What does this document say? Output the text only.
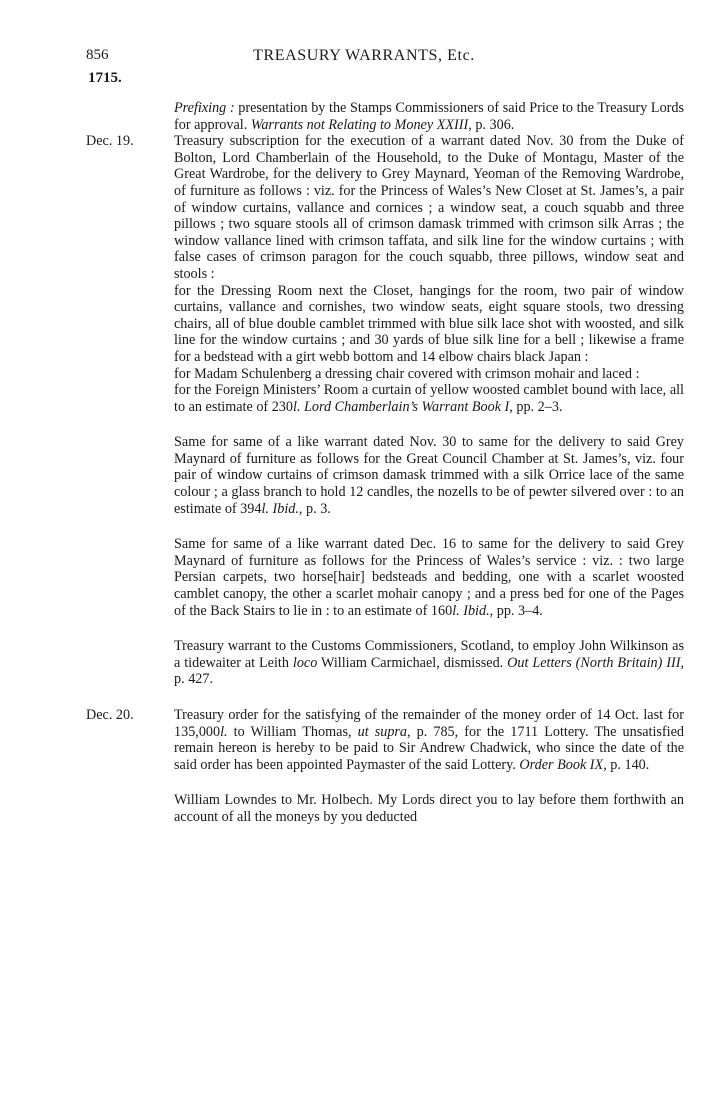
856	TREASURY WARRANTS, Etc.
1715.

Prefixing : presentation by the Stamps Commissioners of said Price to the Treasury Lords for approval. Warrants not Relating to Money XXIII, p. 306.

Dec. 19.	Treasury subscription for the execution of a warrant dated Nov. 30 from the Duke of Bolton, Lord Chamberlain of the Household, to the Duke of Montagu, Master of the Great Wardrobe, for the delivery to Grey Maynard, Yeoman of the Removing Wardrobe, of furniture as follows : viz. for the Princess of Wales’s New Closet at St. James’s, a pair of window curtains, vallance and cornices ; a window seat, a couch squabb and three pillows ; two square stools all of crimson damask trimmed with crimson silk Arras ; the window vallance lined with crimson taffata, and silk line for the window curtains ; with false cases of crimson paragon for the couch squabb, three pillows, window seat and stools :

for the Dressing Room next the Closet, hangings for the room, two pair of window curtains, vallance and cornishes, two window seats, eight square stools, two dressing chairs, all of blue double camblet trimmed with blue silk lace shot with woosted, and silk line for the window curtains ; and 30 yards of blue silk line for a bell ; likewise a frame for a bedstead with a girt webb bottom and 14 elbow chairs black Japan :

for Madam Schulenberg a dressing chair covered with crimson mohair and laced :

for the Foreign Ministers’ Room a curtain of yellow woosted camblet bound with lace, all to an estimate of 230l. Lord Chamberlain’s Warrant Book I, pp. 2–3.

Same for same of a like warrant dated Nov. 30 to same for the delivery to said Grey Maynard of furniture as follows for the Great Council Chamber at St. James’s, viz. four pair of window curtains of crimson damask trimmed with a silk Orrice lace of the same colour ; a glass branch to hold 12 candles, the nozells to be of pewter silvered over : to an estimate of 394l. Ibid., p. 3.

Same for same of a like warrant dated Dec. 16 to same for the delivery to said Grey Maynard of furniture as follows for the Princess of Wales’s service : viz. : two large Persian carpets, two horse[hair] bedsteads and bedding, one with a scarlet woosted camblet canopy, the other a scarlet mohair canopy ; and a press bed for one of the Pages of the Back Stairs to lie in : to an estimate of 160l. Ibid., pp. 3–4.

Treasury warrant to the Customs Commissioners, Scotland, to employ John Wilkinson as a tidewaiter at Leith loco William Carmichael, dismissed. Out Letters (North Britain) III, p. 427.

Dec. 20.	Treasury order for the satisfying of the remainder of the money order of 14 Oct. last for 135,000l. to William Thomas, ut supra, p. 785, for the 1711 Lottery. The unsatisfied remain hereon is hereby to be paid to Sir Andrew Chadwick, who since the date of the said order has been appointed Paymaster of the said Lottery. Order Book IX, p. 140.

William Lowndes to Mr. Holbech. My Lords direct you to lay before them forthwith an account of all the moneys by you deducted
